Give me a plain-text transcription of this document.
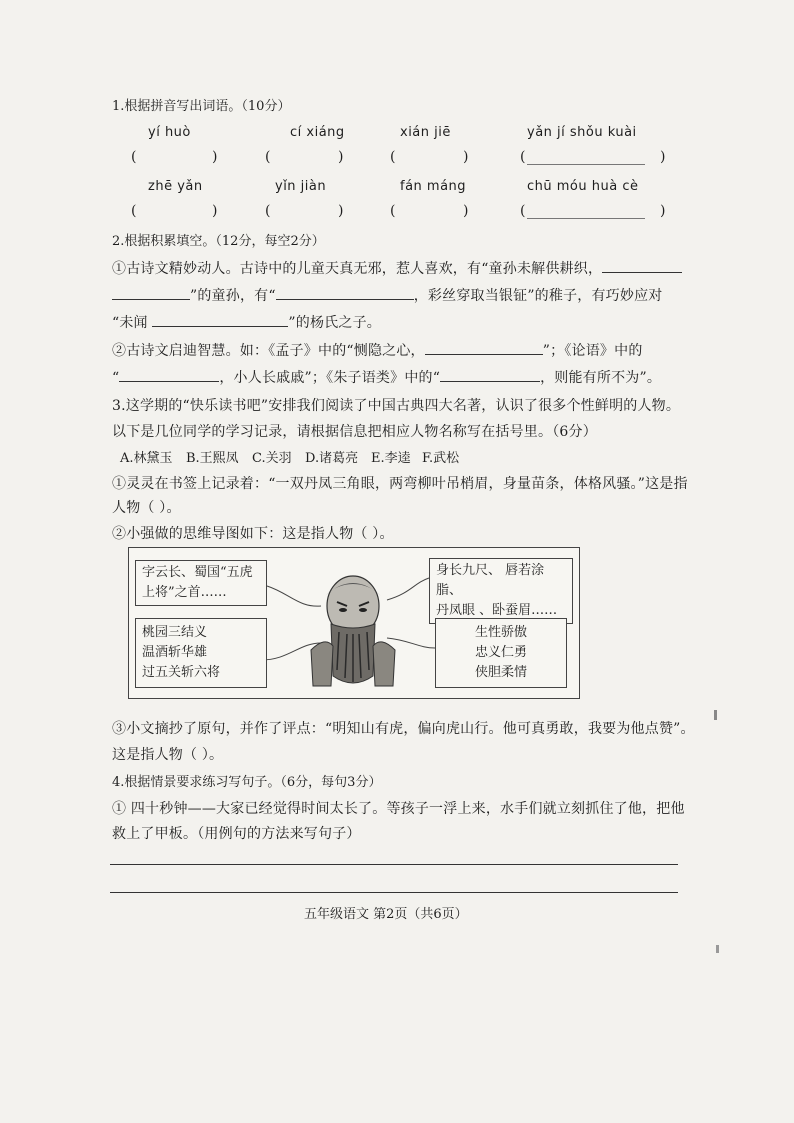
1.根据拼音写出词语。（10分）
yí huò	cí xiáng	xián jiē	yǎn jí shǒu kuài
(	)	(	)	(	)	(	)
zhē yǎn	yǐn jiàn	fán máng	chū móu huà cè
(	)	(	)	(	)	(	)
2.根据积累填空。（12分，每空2分）
①古诗文精妙动人。古诗中的儿童天真无邪，惹人喜欢，有“童孙未解供耕织，
”的童孙，有“	，彩丝穿取当银钲”的稚子，有巧妙应对
“未闻	”的杨氏之子。
②古诗文启迪智慧。如：《孟子》中的“恻隐之心，	”；《论语》中的
“	，小人长戚戚”；《朱子语类》中的“	，则能有所不为”。
3.这学期的“快乐读书吧”安排我们阅读了中国古典四大名著，认识了很多个性鲜明的人物。
以下是几位同学的学习记录，请根据信息把相应人物名称写在括号里。（6分）
A.林黛玉 B.王熙凤 C.关羽 D.诸葛亮 E.李逵 F.武松
①灵灵在书签上记录着：“一双丹凤三角眼，两弯柳叶吊梢眉，身量苗条，体格风骚。”这是指
人物（ ）。
②小强做的思维导图如下：这是指人物（ ）。
字云长、蜀国“五虎
上将”之首……
桃园三结义
温酒斩华雄
过五关斩六将
身长九尺、 唇若涂脂、
丹凤眼 、卧蚕眉……
生性骄傲
忠义仁勇
侠胆柔情
③小文摘抄了原句，并作了评点：“明知山有虎，偏向虎山行。他可真勇敢，我要为他点赞”。
这是指人物（ ）。
4.根据情景要求练习写句子。（6分，每句3分）
① 四十秒钟——大家已经觉得时间太长了。等孩子一浮上来，水手们就立刻抓住了他，把他
救上了甲板。（用例句的方法来写句子）
五年级语文 第2页（共6页）
